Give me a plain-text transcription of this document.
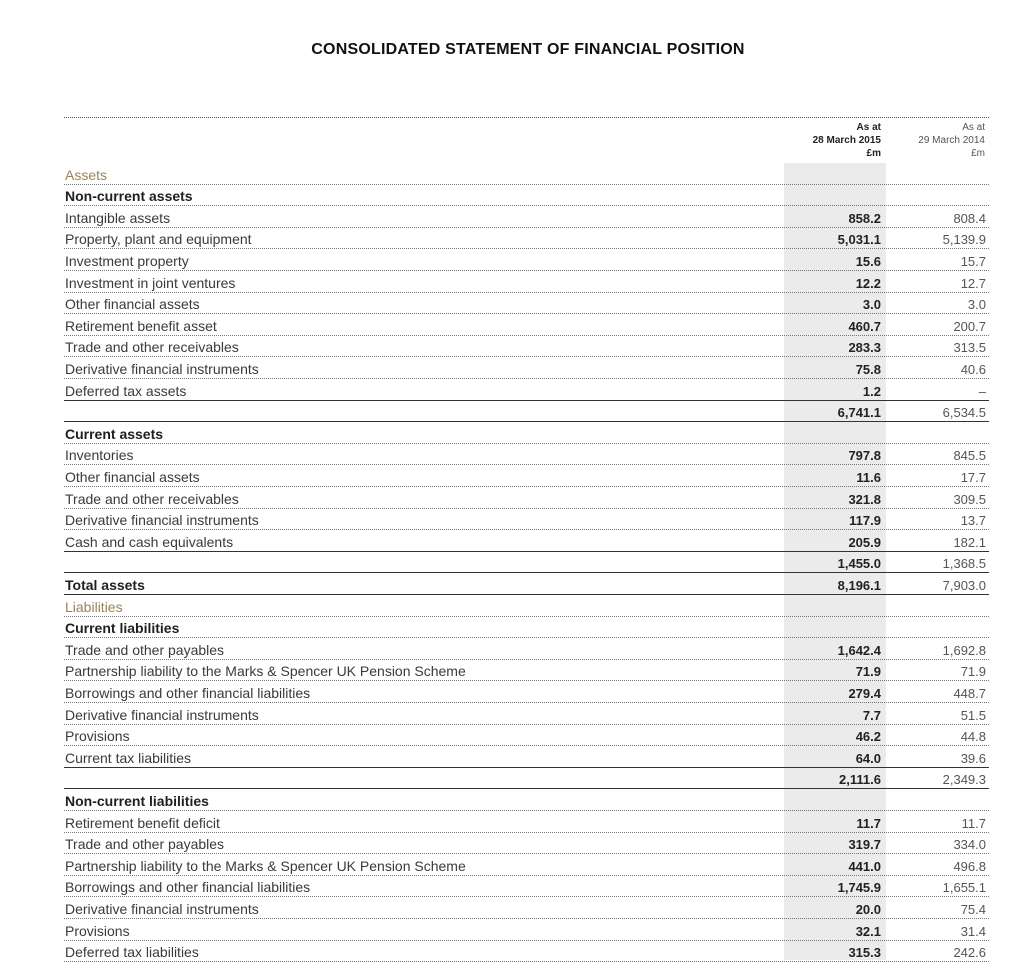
CONSOLIDATED STATEMENT OF FINANCIAL POSITION
As at
28 March 2015
£m
As at
29 March 2014
£m
Assets
Non-current assets
Intangible assets	858.2	808.4
Property, plant and equipment	5,031.1	5,139.9
Investment property	15.6	15.7
Investment in joint ventures	12.2	12.7
Other financial assets	3.0	3.0
Retirement benefit asset	460.7	200.7
Trade and other receivables	283.3	313.5
Derivative financial instruments	75.8	40.6
Deferred tax assets	1.2	–
6,741.1	6,534.5
Current assets
Inventories	797.8	845.5
Other financial assets	11.6	17.7
Trade and other receivables	321.8	309.5
Derivative financial instruments	117.9	13.7
Cash and cash equivalents	205.9	182.1
1,455.0	1,368.5
Total assets	8,196.1	7,903.0
Liabilities
Current liabilities
Trade and other payables	1,642.4	1,692.8
Partnership liability to the Marks & Spencer UK Pension Scheme	71.9	71.9
Borrowings and other financial liabilities	279.4	448.7
Derivative financial instruments	7.7	51.5
Provisions	46.2	44.8
Current tax liabilities	64.0	39.6
2,111.6	2,349.3
Non-current liabilities
Retirement benefit deficit	11.7	11.7
Trade and other payables	319.7	334.0
Partnership liability to the Marks & Spencer UK Pension Scheme	441.0	496.8
Borrowings and other financial liabilities	1,745.9	1,655.1
Derivative financial instruments	20.0	75.4
Provisions	32.1	31.4
Deferred tax liabilities	315.3	242.6
